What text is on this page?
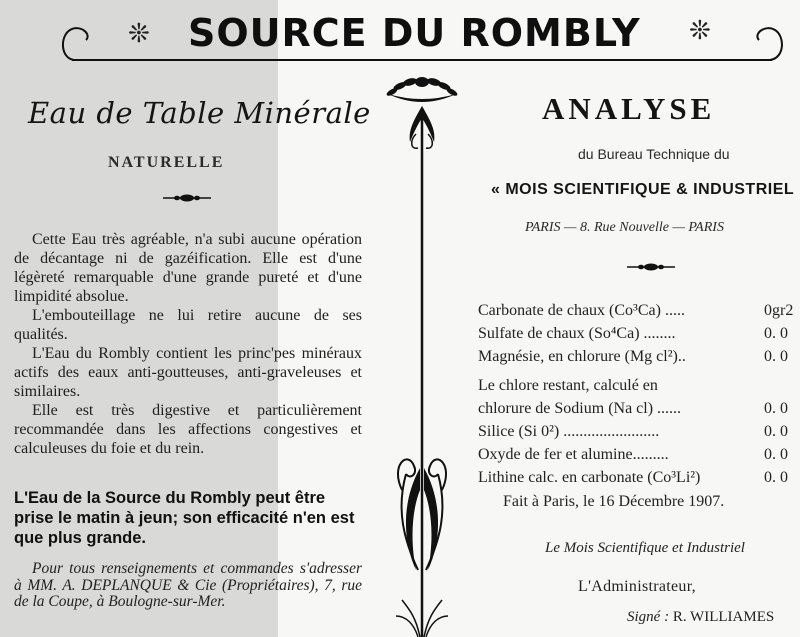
❊ SOURCE DU ROMBLY ❊
Eau de Table Minérale
NATURELLE

Cette Eau très agréable, n'a subi aucune opération de décantage ni de gazéification. Elle est d'une légèreté remarquable d'une grande pureté et d'une limpidité absolue.

L'embouteillage ne lui retire aucune de ses qualités.

L'Eau du Rombly contient les princ'pes minéraux actifs des eaux anti-goutteuses, anti-graveleuses et similaires.

Elle est très digestive et particulièrement recommandée dans les affections congestives et calculeuses du foie et du rein.

L'Eau de la Source du Rombly peut être prise le matin à jeun; son efficacité n'en est que plus grande.

Pour tous renseignements et commandes s'adresser à MM. A. DEPLANQUE & Cie (Propriétaires), 7, rue de la Coupe, à Boulogne-sur-Mer.

ANALYSE
du Bureau Technique du
« MOIS SCIENTIFIQUE & INDUSTRIEL
PARIS — 8. Rue Nouvelle — PARIS
Carbonate de chaux (Co³Ca) .....	0gr2
Sulfate de chaux (So⁴Ca) ........	0. 0
Magnésie, en chlorure (Mg cl²)..	0. 0
Le chlore restant, calculé en
chlorure de Sodium (Na cl) ......	0. 0
Silice (Si 0²) ........................	0. 0
Oxyde de fer et alumine.........	0. 0
Lithine calc. en carbonate (Co³Li²)	0. 0
Fait à Paris, le 16 Décembre 1907.
Le Mois Scientifique et Industriel
L'Administrateur,
Signé : R. WILLIAMES
